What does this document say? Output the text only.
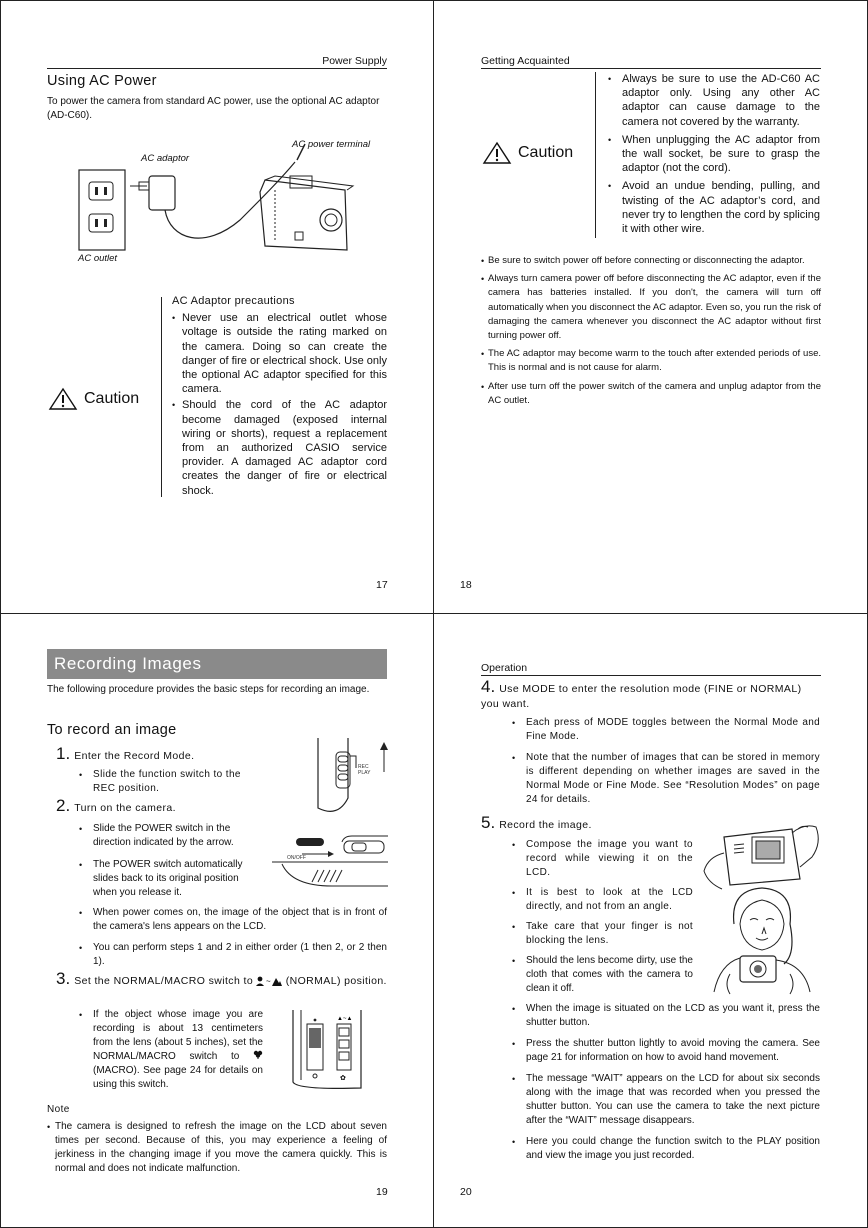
Power Supply
Using AC Power
To power the camera from standard AC power, use the optional AC adaptor (AD-C60).
AC adaptor
AC power terminal
AC outlet
Caution
AC Adaptor precautions
• Never use an electrical outlet whose voltage is outside the rating marked on the camera. Doing so can create the danger of fire or electrical shock. Use only the optional AC adaptor specified for this camera.
• Should the cord of the AC adaptor become damaged (exposed internal wiring or shorts), request a replacement from an authorized CASIO service provider. A damaged AC adaptor cord creates the danger of fire or electrical shock.
17
Getting Acquainted
Caution
• Always be sure to use the AD-C60 AC adaptor only. Using any other AC adaptor can cause damage to the camera not covered by the warranty.
• When unplugging the AC adaptor from the wall socket, be sure to grasp the adaptor (not the cord).
• Avoid an undue bending, pulling, and twisting of the AC adaptor’s cord, and never try to lengthen the cord by splicing it with other wire.
• Be sure to switch power off before connecting or disconnecting the adaptor.
• Always turn camera power off before disconnecting the AC adaptor, even if the camera has batteries installed. If you don't, the camera will turn off automatically when you disconnect the AC adaptor. Even so, you run the risk of damaging the camera whenever you disconnect the AC adaptor without first turning power off.
• The AC adaptor may become warm to the touch after extended periods of use. This is normal and is not cause for alarm.
• After use turn off the power switch of the camera and unplug adaptor from the AC outlet.
18
Recording Images
The following procedure provides the basic steps for recording an image.
To record an image
1. Enter the Record Mode.
• Slide the function switch to the REC position.
REC
PLAY
2. Turn on the camera.
• Slide the POWER switch in the direction indicated by the arrow.
• The POWER switch automatically slides back to its original position when you release it.
POWER
ON/OFF
• When power comes on, the image of the object that is in front of the camera's lens appears on the LCD.
• You can perform steps 1 and 2 in either order (1 then 2, or 2 then 1).
3. Set the NORMAL/MACRO switch to ~ (NORMAL) position.
• If the object whose image you are recording is about 13 centimeters from the lens (about 5 inches), set the NORMAL/MACRO switch to  (MACRO). See page 24 for details on using this switch.
▲~▲
✿
Note
• The camera is designed to refresh the image on the LCD about seven times per second. Because of this, you may experience a feeling of jerkiness in the changing image if you move the camera quickly. This is normal and does not indicate malfunction.
19
Operation
4. Use MODE to enter the resolution mode (FINE or NORMAL) you want.
• Each press of MODE toggles between the Normal Mode and Fine Mode.
• Note that the number of images that can be stored in memory is different depending on whether images are saved in the Normal Mode or Fine Mode. See “Resolution Modes” on page 24 for details.
5. Record the image.
• Compose the image you want to record while viewing it on the LCD.
• It is best to look at the LCD directly, and not from an angle.
• Take care that your finger is not blocking the lens.
• Should the lens become dirty, use the cloth that comes with the camera to clean it off.
• When the image is situated on the LCD as you want it, press the shutter button.
• Press the shutter button lightly to avoid moving the camera. See page 21 for information on how to avoid hand movement.
• The message “WAIT” appears on the LCD for about six seconds along with the image that was recorded when you pressed the shutter button. You can use the camera to take the next picture after the “WAIT” message disappears.
• Here you could change the function switch to the PLAY position and view the image you just recorded.
20
